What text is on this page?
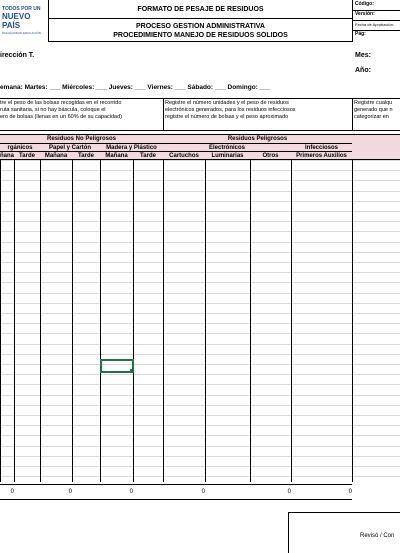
TODOS POR UN
NUEVO PAÍS
PAZ EQUIDAD EDUCACIÓN
FORMATO DE PESAJE DE RESIDUOS
PROCESO GESTIÓN ADMINISTRATIVA
PROCEDIMIENTO MANEJO DE RESIDUOS SÓLIDOS
Código:
Versión:
Fecha de Aprobación:
Pág:
irección T.	Mes:
Año:
emana: Martes: ___ Miércoles: ___ Jueves: ___ Viernes: ___ Sábado: ___ Domingo: ___
tre el peso de las bolsas recogidas en el recorrido
ruta sanitaria, si no hay báscula, coloque el
ero de bolsas (llenas en un 60% de su capacidad)
Registre el número unidades y el peso de residuos
electrónicos generados, para los residuos infecciosos
registre el número de bolsas y el peso aproximado
Registre cualqu
generado que n
categorizar en
Residuos No Peligrosos	Residuos Peligrosos
rgánicos	Papel y Cartón	Madera y Plástico	Electrónicos	Infecciosos
ñana Tarde	Mañana	Tarde	Mañana	Tarde	Cartuchos	Luminarias	Otros	Primeros Auxilios
0	0	0	0	0	0
Revisó / Con
